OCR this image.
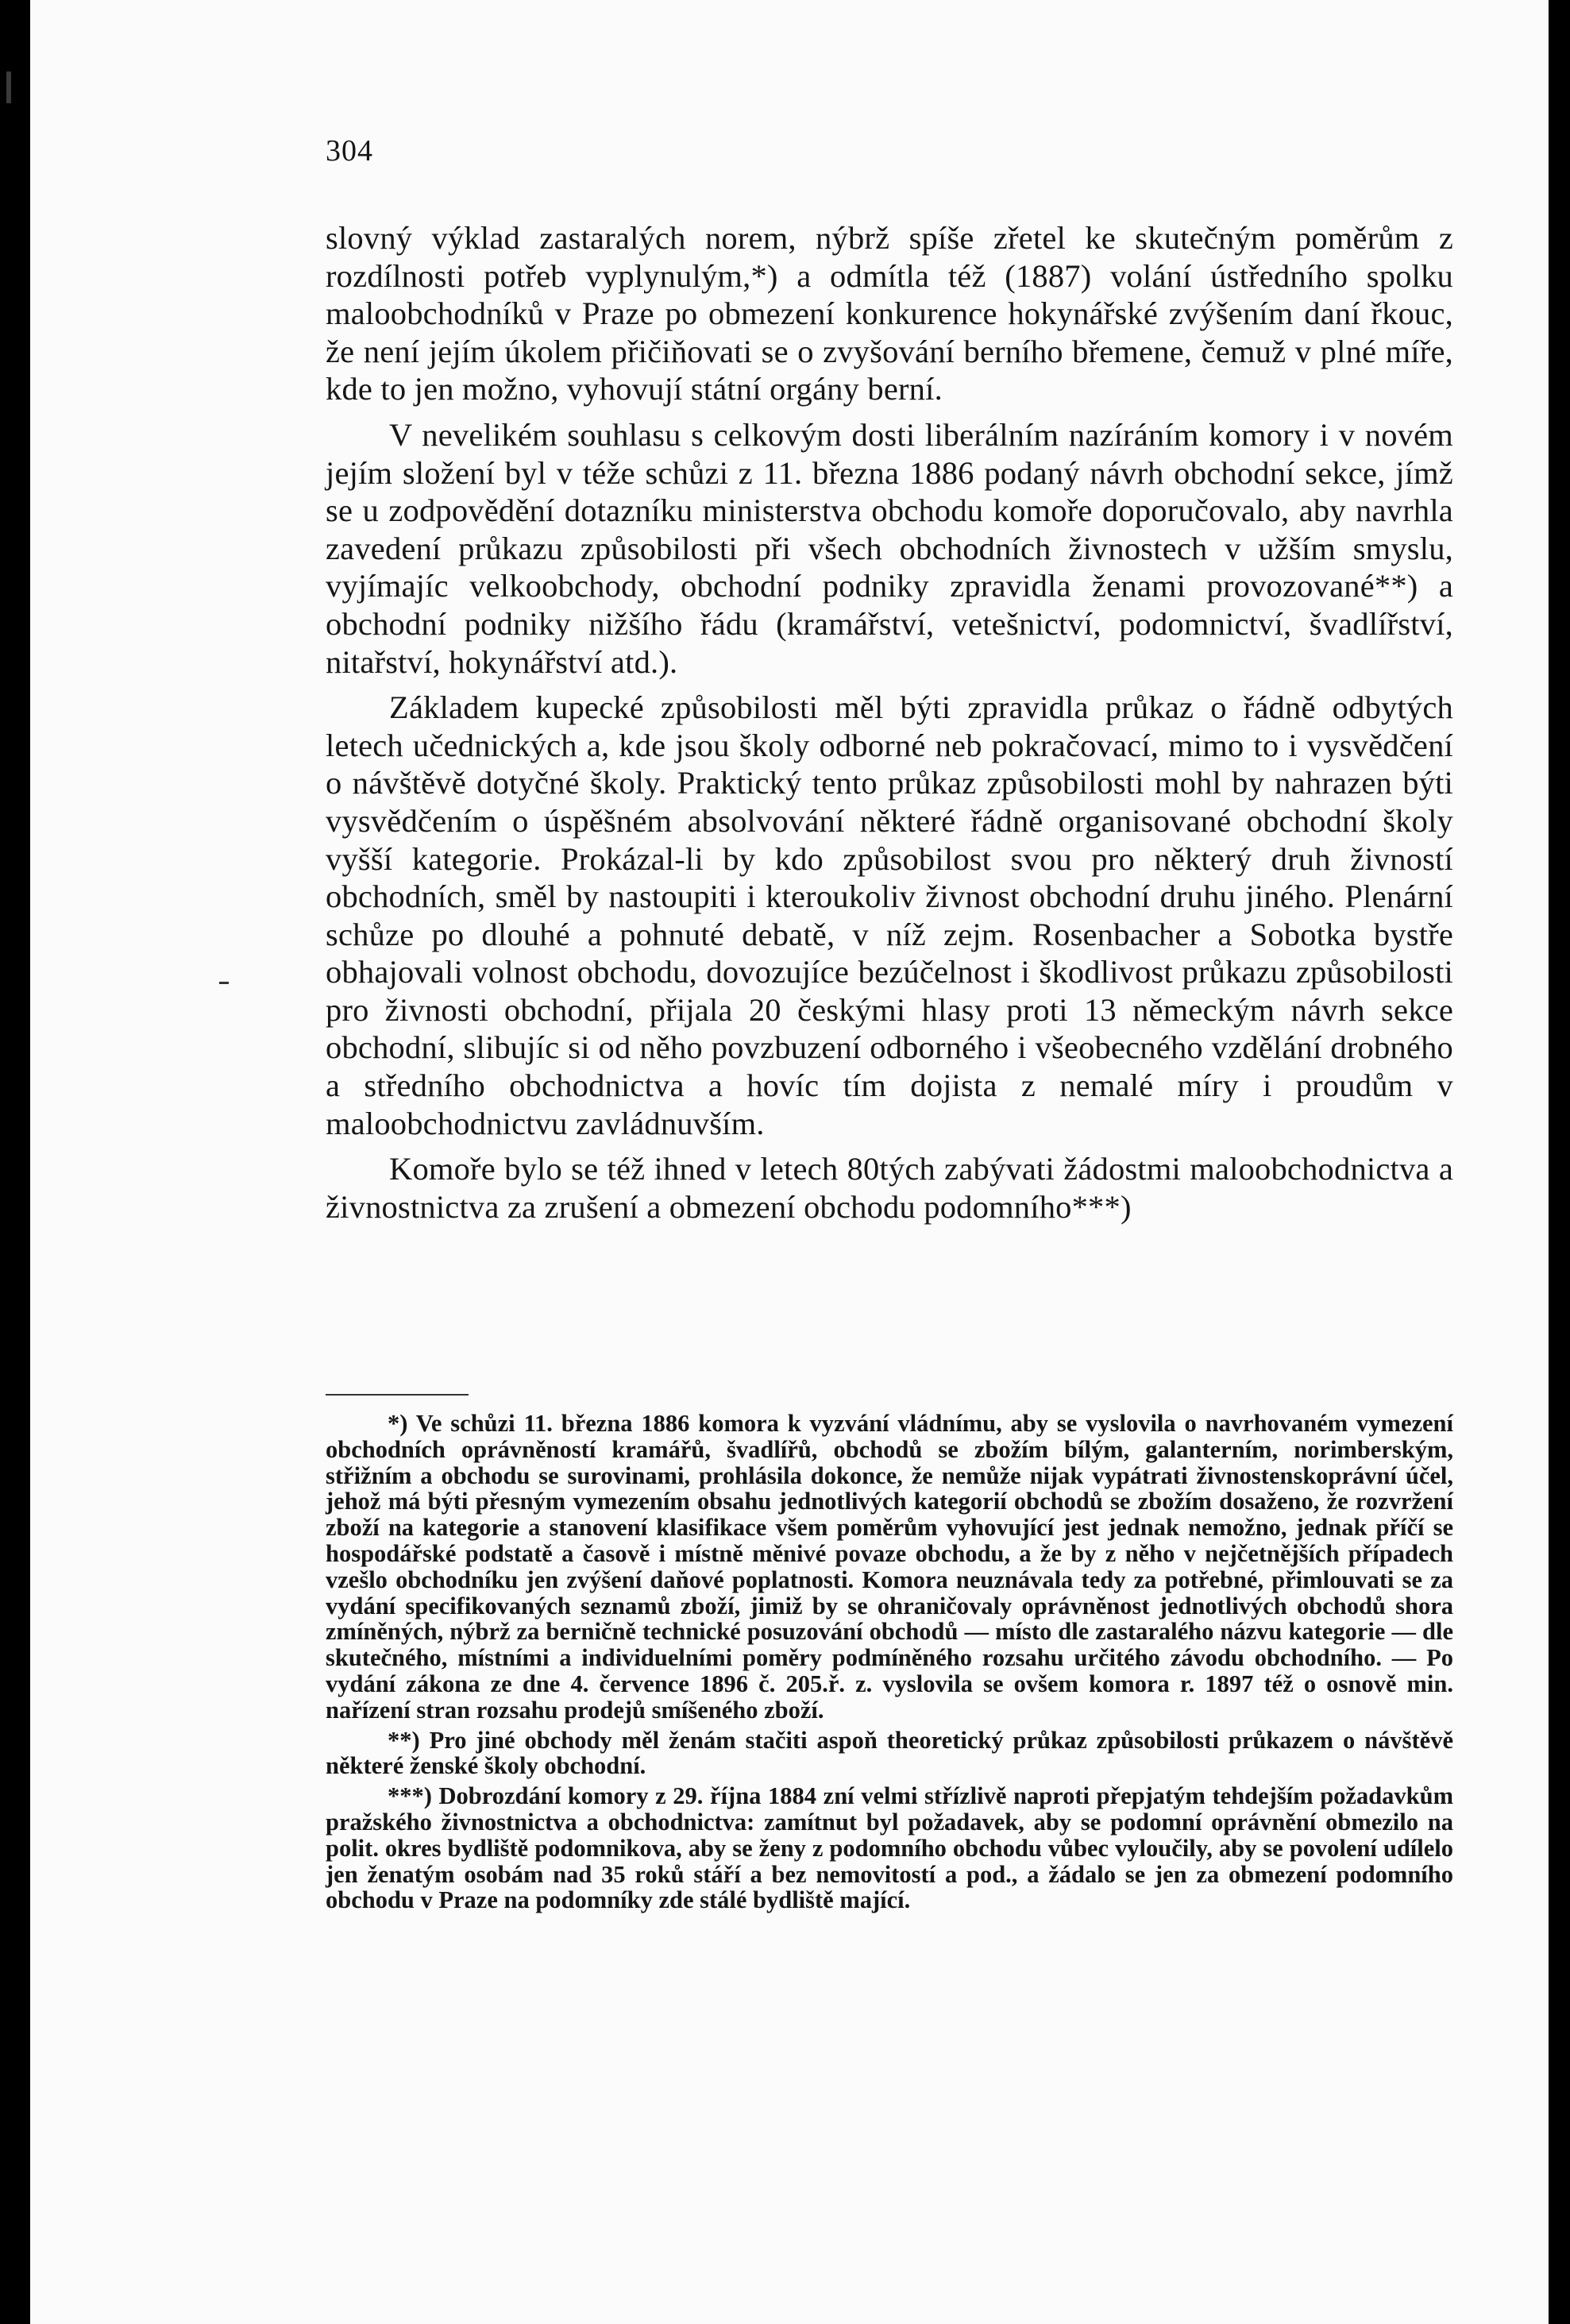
304

slovný výklad zastaralých norem, nýbrž spíše zřetel ke skutečným poměrům z rozdílnosti potřeb vyplynulým,*) a odmítla též (1887) volání ústředního spolku maloobchodníků v Praze po obmezení konkurence hokynářské zvýšením daní řkouc, že není jejím úkolem přičiňovati se o zvyšování berního břemene, čemuž v plné míře, kde to jen možno, vyhovují státní orgány berní.

V nevelikém souhlasu s celkovým dosti liberálním nazíráním komory i v novém jejím složení byl v téže schůzi z 11. března 1886 podaný návrh obchodní sekce, jímž se u zodpovědění dotazníku ministerstva obchodu komoře doporučovalo, aby navrhla zavedení průkazu způsobilosti při všech obchodních živnostech v užším smyslu, vyjímajíc velkoobchody, obchodní podniky zpravidla ženami provozované**) a obchodní podniky nižšího řádu (kramářství, vetešnictví, podomnictví, švadlířství, nitařství, hokynářství atd.).

Základem kupecké způsobilosti měl býti zpravidla průkaz o řádně odbytých letech učednických a, kde jsou školy odborné neb pokračovací, mimo to i vysvědčení o návštěvě dotyčné školy. Praktický tento průkaz způsobilosti mohl by nahrazen býti vysvědčením o úspěšném absolvování některé řádně organisované obchodní školy vyšší kategorie. Prokázal-li by kdo způsobilost svou pro některý druh živností obchodních, směl by nastoupiti i kteroukoliv živnost obchodní druhu jiného. Plenární schůze po dlouhé a pohnuté debatě, v níž zejm. Rosenbacher a Sobotka bystře obhajovali volnost obchodu, dovozujíce bezúčelnost i škodlivost průkazu způsobilosti pro živnosti obchodní, přijala 20 českými hlasy proti 13 německým návrh sekce obchodní, slibujíc si od něho povzbuzení odborného i všeobecného vzdělání drobného a středního obchodnictva a hovíc tím dojista z nemalé míry i proudům v maloobchodnictvu zavládnuvším.

Komoře bylo se též ihned v letech 80tých zabývati žádostmi maloobchodnictva a živnostnictva za zrušení a obmezení obchodu podomního***)

*) Ve schůzi 11. března 1886 komora k vyzvání vládnímu, aby se vyslovila o navrhovaném vymezení obchodních oprávněností kramářů, švadlířů, obchodů se zbožím bílým, galanterním, norimberským, střižním a obchodu se surovinami, prohlásila dokonce, že nemůže nijak vypátrati živnostenskoprávní účel, jehož má býti přesným vymezením obsahu jednotlivých kategorií obchodů se zbožím dosaženo, že rozvržení zboží na kategorie a stanovení klasifikace všem poměrům vyhovující jest jednak nemožno, jednak příčí se hospodářské podstatě a časově i místně měnivé povaze obchodu, a že by z něho v nejčetnějších případech vzešlo obchodníku jen zvýšení daňové poplatnosti. Komora neuznávala tedy za potřebné, přimlouvati se za vydání specifikovaných seznamů zboží, jimiž by se ohraničovaly oprávněnost jednotlivých obchodů shora zmíněných, nýbrž za berničně technické posuzování obchodů — místo dle zastaralého názvu kategorie — dle skutečného, místními a individuelními poměry podmíněného rozsahu určitého závodu obchodního. — Po vydání zákona ze dne 4. července 1896 č. 205.ř. z. vyslovila se ovšem komora r. 1897 též o osnově min. nařízení stran rozsahu prodejů smíšeného zboží.

**) Pro jiné obchody měl ženám stačiti aspoň theoretický průkaz způsobilosti průkazem o návštěvě některé ženské školy obchodní.

***) Dobrozdání komory z 29. října 1884 zní velmi střízlivě naproti přepjatým tehdejším požadavkům pražského živnostnictva a obchodnictva: zamítnut byl požadavek, aby se podomní oprávnění obmezilo na polit. okres bydliště podomnikova, aby se ženy z podomního obchodu vůbec vyloučily, aby se povolení udílelo jen ženatým osobám nad 35 roků stáří a bez nemovitostí a pod., a žádalo se jen za obmezení podomního obchodu v Praze na podomníky zde stálé bydliště mající.
